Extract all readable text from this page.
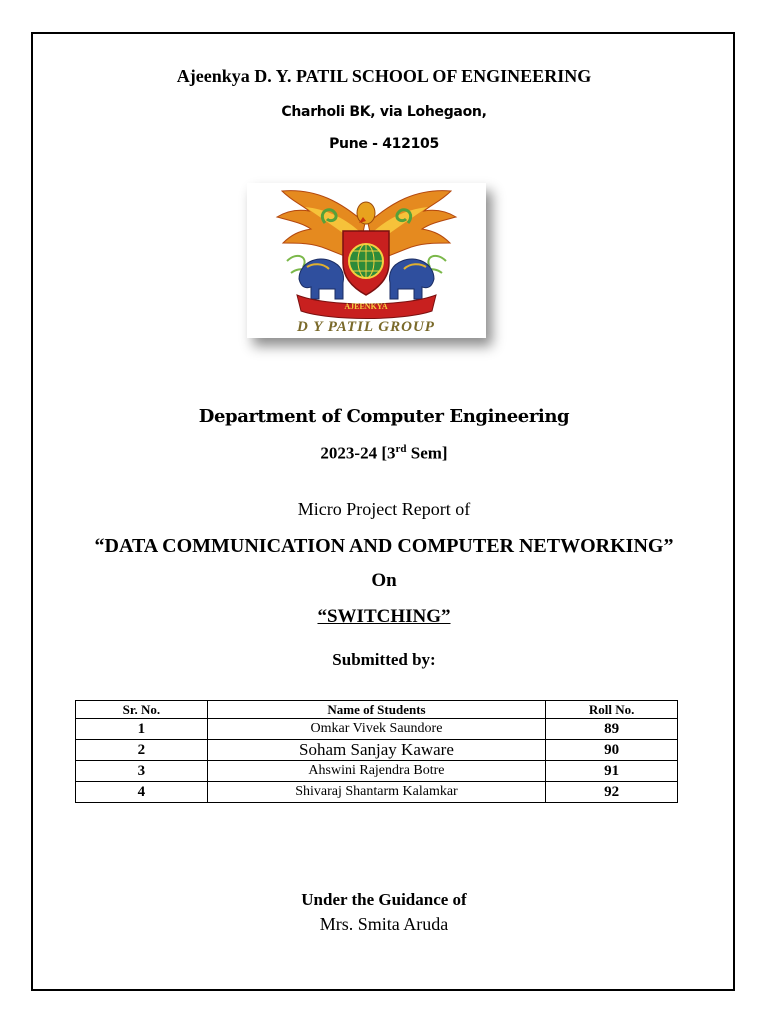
Ajeenkya D. Y. PATIL SCHOOL OF ENGINEERING
Charholi BK, via Lohegaon,
Pune - 412105
AJEENKYA
D Y PATIL GROUP
Department of Computer Engineering
2023-24 [3rd Sem]
Micro Project Report of
“DATA COMMUNICATION AND COMPUTER NETWORKING”
On
“SWITCHING”
Submitted by:
Sr. No.	Name of Students	Roll No.
1	Omkar Vivek Saundore	89
2	Soham Sanjay Kaware	90
3	Ahswini Rajendra Botre	91
4	Shivaraj Shantarm Kalamkar	92
Under the Guidance of
Mrs. Smita Aruda
